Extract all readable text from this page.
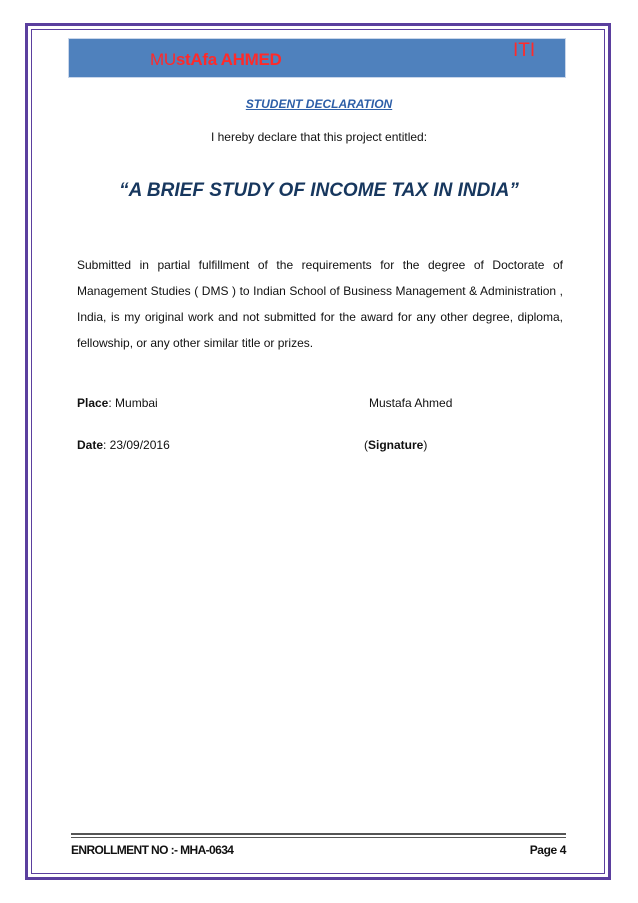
MUstAfa AHMED	ITI
STUDENT DECLARATION
I hereby declare that this project entitled:
“A BRIEF STUDY OF INCOME TAX IN INDIA”
Submitted in partial fulfillment of the requirements for the degree of Doctorate of Management Studies ( DMS ) to Indian School of Business Management & Administration , India, is my original work and not submitted for the award for any other degree, diploma, fellowship, or any other similar title or prizes.
Place: Mumbai	Mustafa Ahmed
Date: 23/09/2016	(Signature)
ENROLLMENT NO :- MHA-0634	Page 4
